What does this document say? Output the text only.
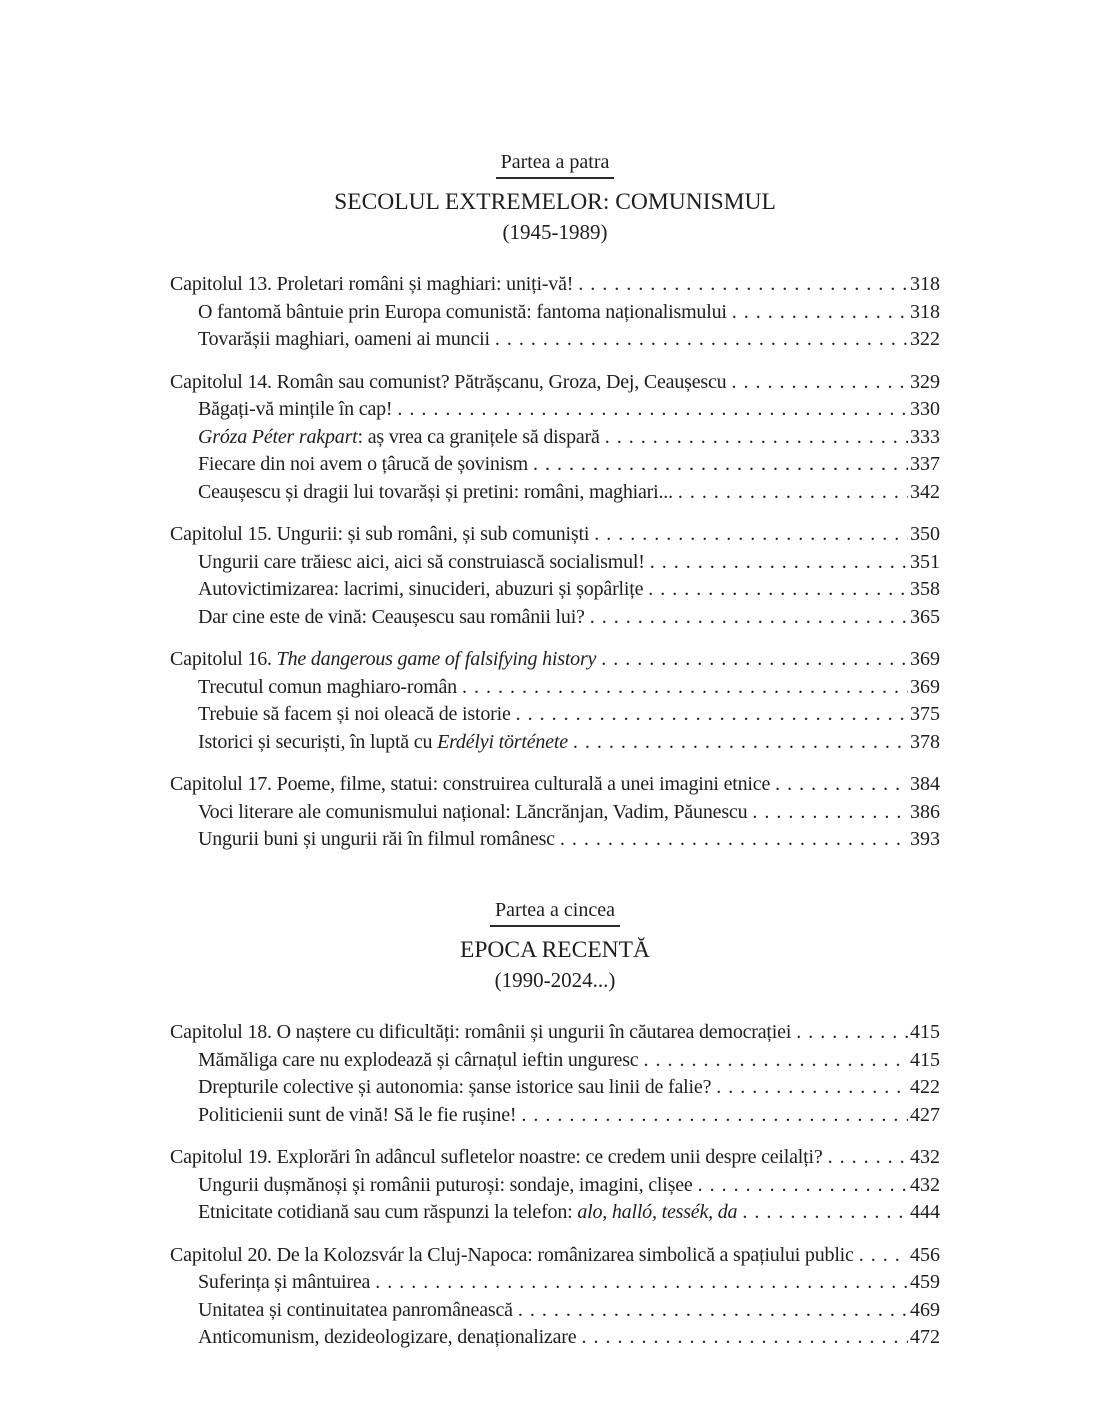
Partea a patra
SECOLUL EXTREMELOR: COMUNISMUL
(1945-1989)
Capitolul 13. Proletari români și maghiari: uniți-vă! . . .	318
O fantomă bântuie prin Europa comunistă: fantoma naționalismului . . .	318
Tovarășii maghiari, oameni ai muncii . . .	322
Capitolul 14. Român sau comunist? Pătrășcanu, Groza, Dej, Ceaușescu . . .	329
Băgați-vă mințile în cap! . . .	330
Gróza Péter rakpart: aș vrea ca granițele să dispară . . .	333
Fiecare din noi avem o țârucă de șovinism . . .	337
Ceaușescu și dragii lui tovarăși și pretini: români, maghiari... . . .	342
Capitolul 15. Ungurii: și sub români, și sub comuniști . . .	350
Ungurii care trăiesc aici, aici să construiască socialismul! . . .	351
Autovictimizarea: lacrimi, sinucideri, abuzuri și șopârlițe . . .	358
Dar cine este de vină: Ceaușescu sau românii lui? . . .	365
Capitolul 16. The dangerous game of falsifying history . . .	369
Trecutul comun maghiaro-român . . .	369
Trebuie să facem și noi oleacă de istorie . . .	375
Istorici și securiști, în luptă cu Erdélyi története . . .	378
Capitolul 17. Poeme, filme, statui: construirea culturală a unei imagini etnice . . .	384
Voci literare ale comunismului național: Lăncrănjan, Vadim, Păunescu . . .	386
Ungurii buni și ungurii răi în filmul românesc . . .	393
Partea a cincea
EPOCA RECENTĂ
(1990-2024...)
Capitolul 18. O naștere cu dificultăți: românii și ungurii în căutarea democrației . . .	415
Mămăliga care nu explodează și cârnațul ieftin unguresc . . .	415
Drepturile colective și autonomia: șanse istorice sau linii de falie? . . .	422
Politicienii sunt de vină! Să le fie rușine! . . .	427
Capitolul 19. Explorări în adâncul sufletelor noastre: ce credem unii despre ceilalți? . . .	432
Ungurii dușmănoși și românii puturoși: sondaje, imagini, clișee . . .	432
Etnicitate cotidiană sau cum răspunzi la telefon: alo, halló, tessék, da . . .	444
Capitolul 20. De la Kolozsvár la Cluj-Napoca: românizarea simbolică a spațiului public . . .	456
Suferința și mântuirea . . .	459
Unitatea și continuitatea panromânească . . .	469
Anticomunism, dezideologizare, denaționalizare . . .	472
